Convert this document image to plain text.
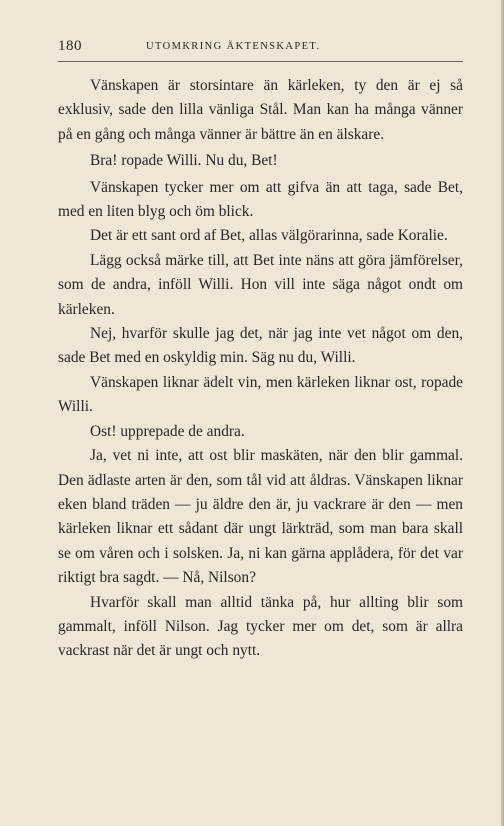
180	UTOMKRING ÄKTENSKAPET.

Vänskapen är storsintare än kärleken, ty den är ej så exklusiv, sade den lilla vänliga Stål. Man kan ha många vänner på en gång och många vänner är bättre än en älskare.

Bra! ropade Willi. Nu du, Bet!

Vänskapen tycker mer om att gifva än att taga, sade Bet, med en liten blyg och öm blick.

Det är ett sant ord af Bet, allas välgörarinna, sade Koralie.

Lägg också märke till, att Bet inte näns att göra jämförelser, som de andra, inföll Willi. Hon vill inte säga något ondt om kärleken.

Nej, hvarför skulle jag det, när jag inte vet något om den, sade Bet med en oskyldig min. Säg nu du, Willi.

Vänskapen liknar ädelt vin, men kärleken liknar ost, ropade Willi.

Ost! upprepade de andra.

Ja, vet ni inte, att ost blir maskäten, när den blir gammal. Den ädlaste arten är den, som tål vid att åldras. Vänskapen liknar eken bland träden — ju äldre den är, ju vackrare är den — men kärleken liknar ett sådant där ungt lärkträd, som man bara skall se om våren och i solsken. Ja, ni kan gärna applådera, för det var riktigt bra sagdt. — Nå, Nilson?

Hvarför skall man alltid tänka på, hur allting blir som gammalt, inföll Nilson. Jag tycker mer om det, som är allra vackrast när det är ungt och nytt.
